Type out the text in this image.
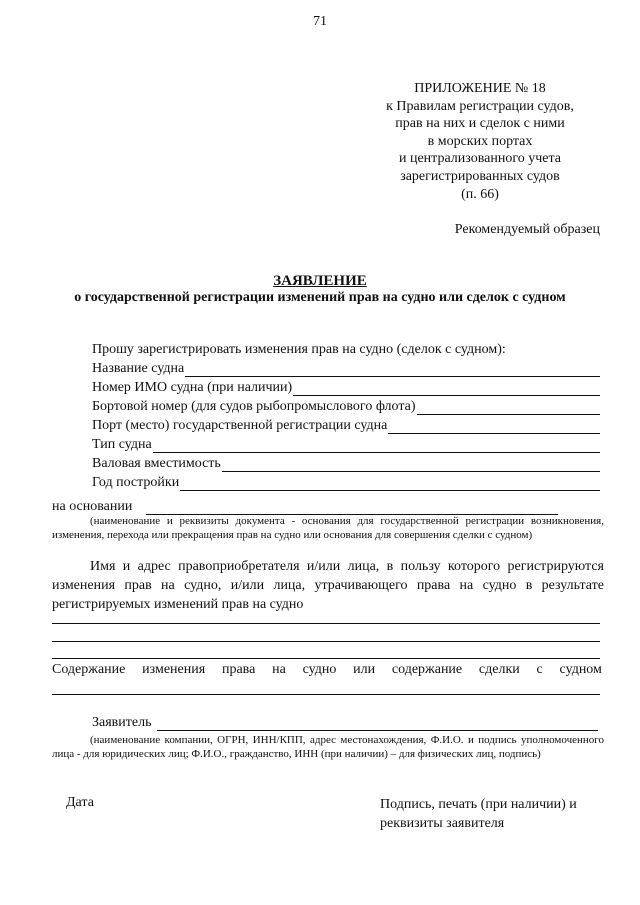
71
ПРИЛОЖЕНИЕ № 18
к Правилам регистрации судов,
прав на них и сделок с ними
в морских портах
и централизованного учета
зарегистрированных судов
(п. 66)
Рекомендуемый образец
ЗАЯВЛЕНИЕ
о государственной регистрации изменений прав на судно или сделок с судном
Прошу зарегистрировать изменения прав на судно (сделок с судном):
Название судна
Номер ИМО судна (при наличии)
Бортовой номер (для судов рыбопромыслового флота)
Порт (место) государственной регистрации судна
Тип судна
Валовая вместимость
Год постройки
на основании
(наименование и реквизиты документа - основания для государственной регистрации возникновения, изменения, перехода или прекращения прав на судно или основания для совершения сделки с судном)
Имя и адрес правоприобретателя и/или лица, в пользу которого регистрируются изменения прав на судно, и/или лица, утрачивающего права на судно в результате регистрируемых изменений прав на судно
Содержание изменения права на судно или содержание сделки с судном
Заявитель
(наименование компании, ОГРН, ИНН/КПП, адрес местонахождения, Ф.И.О. и подпись уполномоченного лица - для юридических лиц; Ф.И.О., гражданство, ИНН (при наличии) – для физических лиц, подпись)
Дата	Подпись, печать (при наличии) и
реквизиты заявителя
